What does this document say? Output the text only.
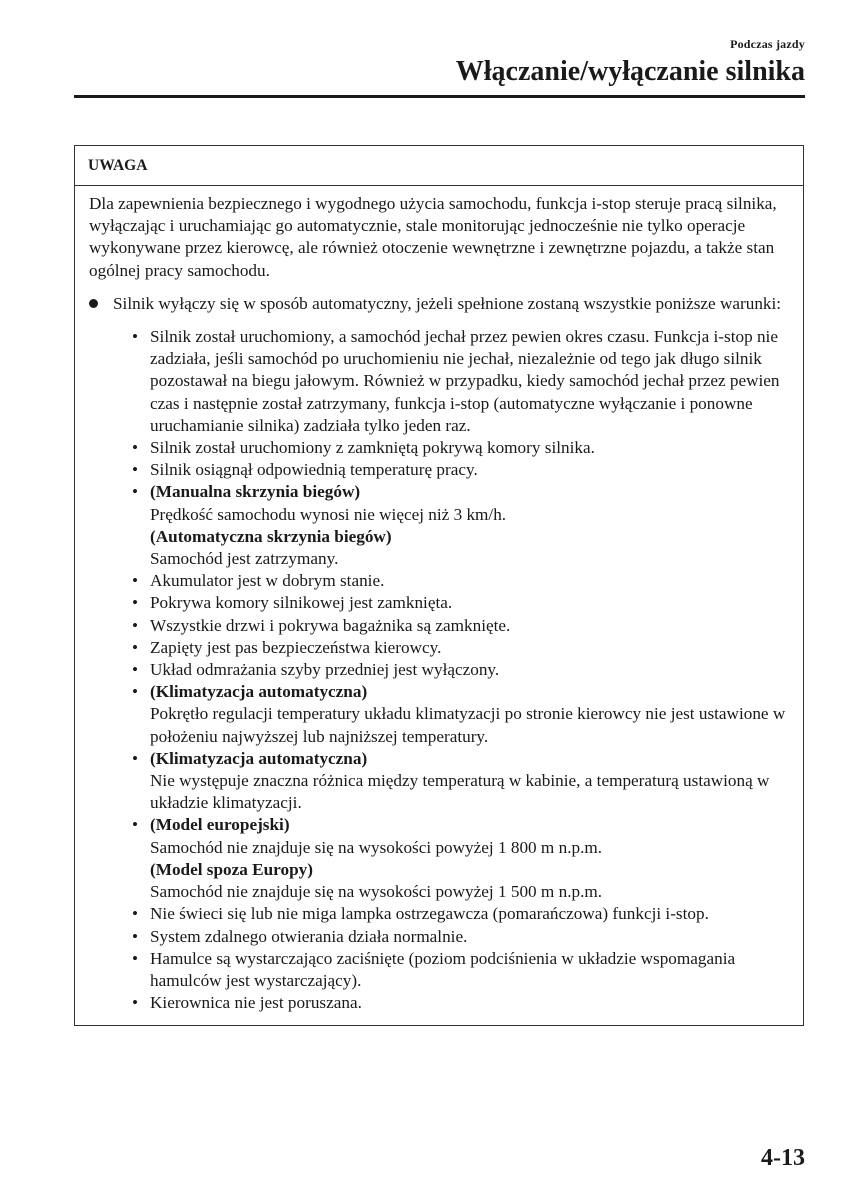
Podczas jazdy
Włączanie/wyłączanie silnika
UWAGA

Dla zapewnienia bezpiecznego i wygodnego użycia samochodu, funkcja i-stop steruje pracą silnika, wyłączając i uruchamiając go automatycznie, stale monitorując jednocześnie nie tylko operacje wykonywane przez kierowcę, ale również otoczenie wewnętrzne i zewnętrzne pojazdu, a także stan ogólnej pracy samochodu.

Silnik wyłączy się w sposób automatyczny, jeżeli spełnione zostaną wszystkie poniższe warunki:
• Silnik został uruchomiony, a samochód jechał przez pewien okres czasu. Funkcja i-stop nie zadziała, jeśli samochód po uruchomieniu nie jechał, niezależnie od tego jak długo silnik pozostawał na biegu jałowym. Również w przypadku, kiedy samochód jechał przez pewien czas i następnie został zatrzymany, funkcja i-stop (automatyczne wyłączanie i ponowne uruchamianie silnika) zadziała tylko jeden raz.
• Silnik został uruchomiony z zamkniętą pokrywą komory silnika.
• Silnik osiągnął odpowiednią temperaturę pracy.
• (Manualna skrzynia biegów)
Prędkość samochodu wynosi nie więcej niż 3 km/h.
(Automatyczna skrzynia biegów)
Samochód jest zatrzymany.
• Akumulator jest w dobrym stanie.
• Pokrywa komory silnikowej jest zamknięta.
• Wszystkie drzwi i pokrywa bagażnika są zamknięte.
• Zapięty jest pas bezpieczeństwa kierowcy.
• Układ odmrażania szyby przedniej jest wyłączony.
• (Klimatyzacja automatyczna)
Pokrętło regulacji temperatury układu klimatyzacji po stronie kierowcy nie jest ustawione w położeniu najwyższej lub najniższej temperatury.
• (Klimatyzacja automatyczna)
Nie występuje znaczna różnica między temperaturą w kabinie, a temperaturą ustawioną w układzie klimatyzacji.
• (Model europejski)
Samochód nie znajduje się na wysokości powyżej 1 800 m n.p.m.
(Model spoza Europy)
Samochód nie znajduje się na wysokości powyżej 1 500 m n.p.m.
• Nie świeci się lub nie miga lampka ostrzegawcza (pomarańczowa) funkcji i-stop.
• System zdalnego otwierania działa normalnie.
• Hamulce są wystarczająco zaciśnięte (poziom podciśnienia w układzie wspomagania hamulców jest wystarczający).
• Kierownica nie jest poruszana.
4-13
